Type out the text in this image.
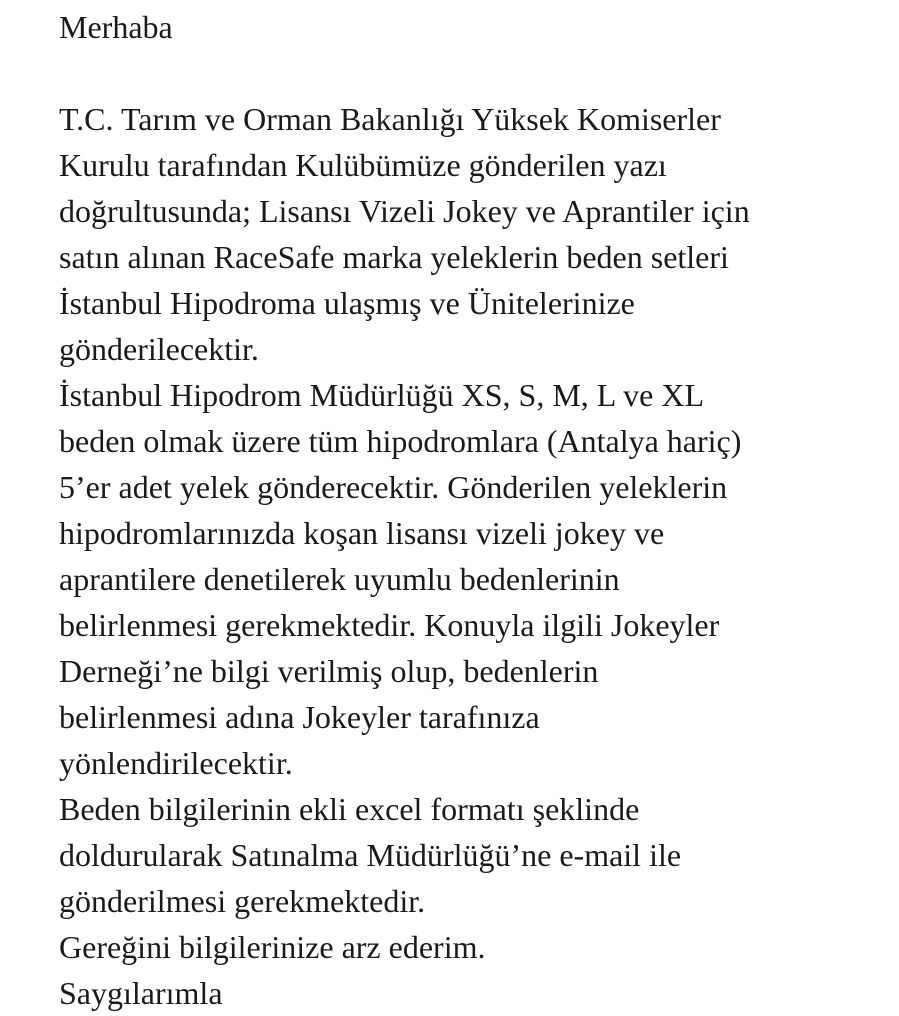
Merhaba
T.C. Tarım ve Orman Bakanlığı Yüksek Komiserler
Kurulu tarafından Kulübümüze gönderilen yazı
doğrultusunda; Lisansı Vizeli Jokey ve Aprantiler için
satın alınan RaceSafe marka yeleklerin beden setleri
İstanbul Hipodroma ulaşmış ve Ünitelerinize
gönderilecektir.
İstanbul Hipodrom Müdürlüğü XS, S, M, L ve XL
beden olmak üzere tüm hipodromlara (Antalya hariç)
5’er adet yelek gönderecektir. Gönderilen yeleklerin
hipodromlarınızda koşan lisansı vizeli jokey ve
aprantilere denetilerek uyumlu bedenlerinin
belirlenmesi gerekmektedir. Konuyla ilgili Jokeyler
Derneği’ne bilgi verilmiş olup, bedenlerin
belirlenmesi adına Jokeyler tarafınıza
yönlendirilecektir.
Beden bilgilerinin ekli excel formatı şeklinde
doldurularak Satınalma Müdürlüğü’ne e-mail ile
gönderilmesi gerekmektedir.
Gereğini bilgilerinize arz ederim.
Saygılarımla
